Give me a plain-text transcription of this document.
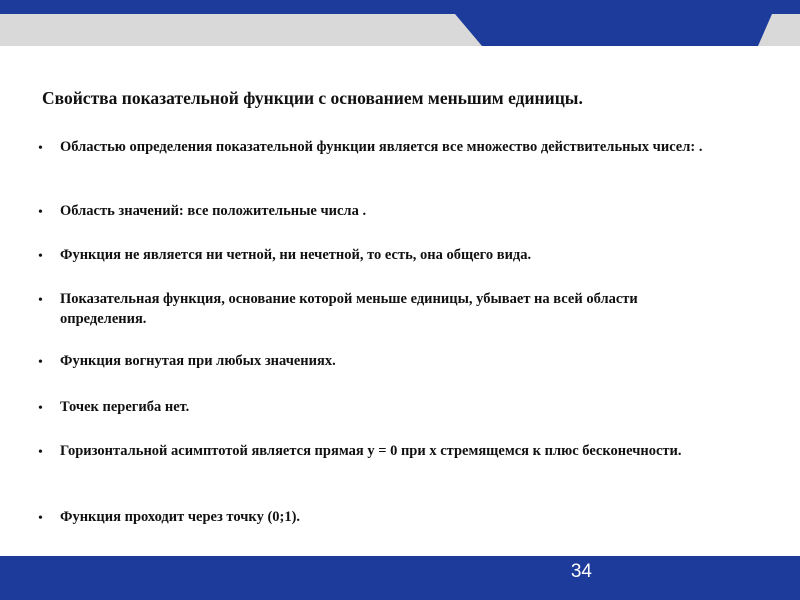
Свойства показательной функции с основанием меньшим единицы.
•	Областью определения показательной функции является все множество действительных чисел: .
•	Область значений: все положительные числа .
•	Функция не является ни четной, ни нечетной, то есть, она общего вида.
•	Показательная функция, основание которой меньше единицы, убывает на всей области определения.
•	Функция вогнутая при любых значениях.
•	Точек перегиба нет.
•	Горизонтальной асимптотой является прямая y = 0 при x стремящемся к плюс бесконечности.
•	Функция проходит через точку (0;1).
34
